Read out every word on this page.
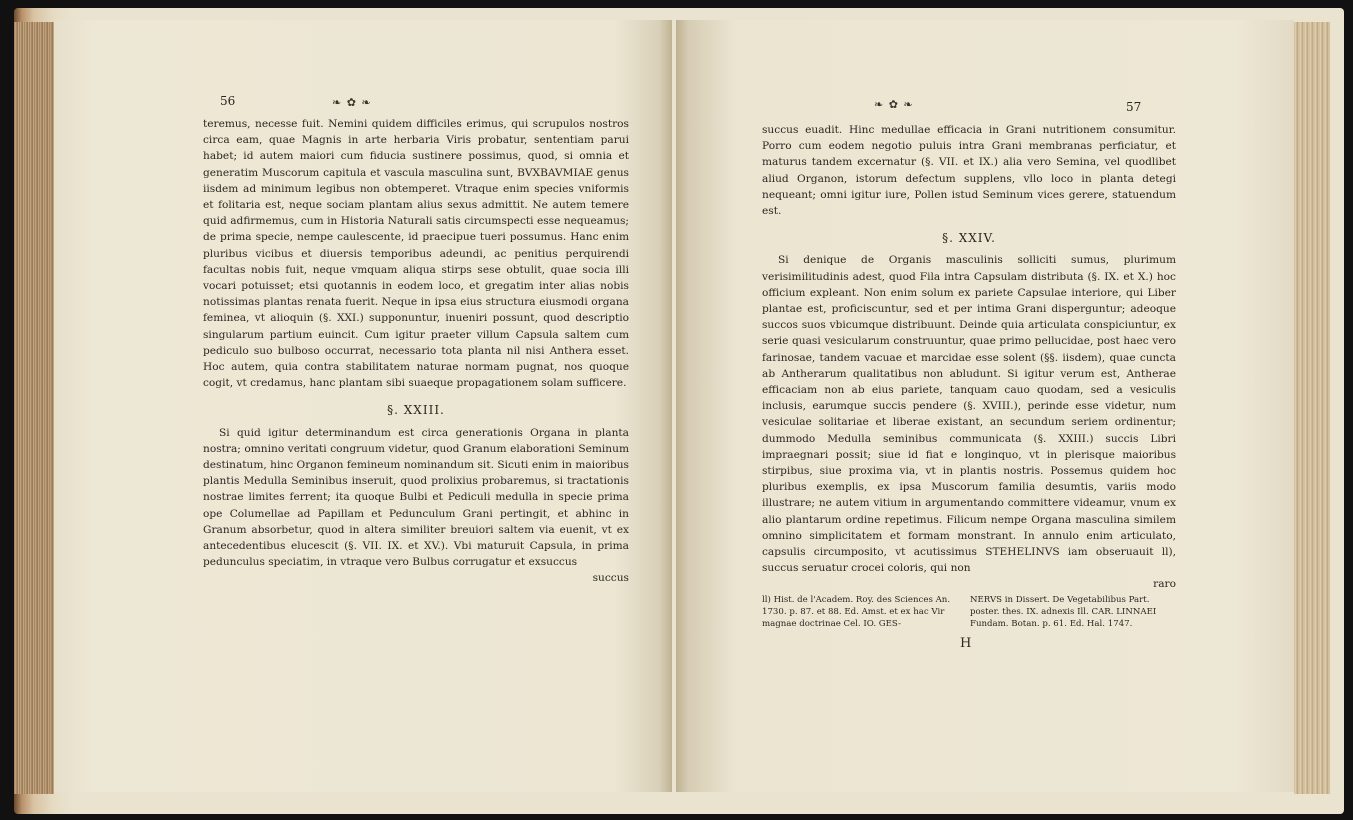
56	❧ ✿ ❧

teremus, necesse fuit. Nemini quidem difficiles erimus, qui scrupulos nostros circa eam, quae Magnis in arte herbaria Viris probatur, sententiam parui habet; id autem maiori cum fiducia sustinere possimus, quod, si omnia et generatim Muscorum capitula et vascula masculina sunt, BVXBAVMIAE genus iisdem ad minimum legibus non obtemperet. Vtraque enim species vniformis et folitaria est, neque sociam plantam alius sexus admittit. Ne autem temere quid adfirmemus, cum in Historia Naturali satis circumspecti esse nequeamus; de prima specie, nempe caulescente, id praecipue tueri possumus. Hanc enim pluribus vicibus et diuersis temporibus adeundi, ac penitius perquirendi facultas nobis fuit, neque vmquam aliqua stirps sese obtulit, quae socia illi vocari potuisset; etsi quotannis in eodem loco, et gregatim inter alias nobis notissimas plantas renata fuerit. Neque in ipsa eius structura eiusmodi organa feminea, vt alioquin (§. XXI.) supponuntur, inueniri possunt, quod descriptio singularum partium euincit. Cum igitur praeter villum Capsula saltem cum pediculo suo bulboso occurrat, necessario tota planta nil nisi Anthera esset. Hoc autem, quia contra stabilitatem naturae normam pugnat, nos quoque cogit, vt credamus, hanc plantam sibi suaeque propagationem solam sufficere.

§. XXIII.

Si quid igitur determinandum est circa generationis Organa in planta nostra; omnino veritati congruum videtur, quod Granum elaborationi Seminum destinatum, hinc Organon femineum nominandum sit. Sicuti enim in maioribus plantis Medulla Seminibus inseruit, quod prolixius probaremus, si tractationis nostrae limites ferrent; ita quoque Bulbi et Pediculi medulla in specie prima ope Columellae ad Papillam et Pedunculum Grani pertingit, et abhinc in Granum absorbetur, quod in altera similiter breuiori saltem via euenit, vt ex antecedentibus elucescit (§. VII. IX. et XV.). Vbi maturuit Capsula, in prima pedunculus speciatim, in vtraque vero Bulbus corrugatur et exsuccus

succus
❧ ✿ ❧	57

succus euadit. Hinc medullae efficacia in Grani nutritionem consumitur. Porro cum eodem negotio puluis intra Grani membranas perficiatur, et maturus tandem excernatur (§. VII. et IX.) alia vero Semina, vel quodlibet aliud Organon, istorum defectum supplens, vllo loco in planta detegi nequeant; omni igitur iure, Pollen istud Seminum vices gerere, statuendum est.

§. XXIV.

Si denique de Organis masculinis solliciti sumus, plurimum verisimilitudinis adest, quod Fila intra Capsulam distributa (§. IX. et X.) hoc officium expleant. Non enim solum ex pariete Capsulae interiore, qui Liber plantae est, proficiscuntur, sed et per intima Grani disperguntur; adeoque succos suos vbicumque distribuunt. Deinde quia articulata conspiciuntur, ex serie quasi vesicularum construuntur, quae primo pellucidae, post haec vero farinosae, tandem vacuae et marcidae esse solent (§§. iisdem), quae cuncta ab Antherarum qualitatibus non abludunt. Si igitur verum est, Antherae efficaciam non ab eius pariete, tanquam cauo quodam, sed a vesiculis inclusis, earumque succis pendere (§. XVIII.), perinde esse videtur, num vesiculae solitariae et liberae existant, an secundum seriem ordinentur; dummodo Medulla seminibus communicata (§. XXIII.) succis Libri impraegnari possit; siue id fiat e longinquo, vt in plerisque maioribus stirpibus, siue proxima via, vt in plantis nostris. Possemus quidem hoc pluribus exemplis, ex ipsa Muscorum familia desumtis, variis modo illustrare; ne autem vitium in argumentando committere videamur, vnum ex alio plantarum ordine repetimus. Filicum nempe Organa masculina similem omnino simplicitatem et formam monstrant. In annulo enim articulato, capsulis circumposito, vt acutissimus STEHELINVS iam obseruauit ll), succus seruatur crocei coloris, qui non

raro
ll) Hist. de l'Academ. Roy. des Sciences An. 1730. p. 87. et 88. Ed. Amst. et ex hac Vir magnae doctrinae Cel. IO. GES-
NERVS in Dissert. De Vegetabilibus Part. poster. thes. IX. adnexis Ill. CAR. LINNAEI Fundam. Botan. p. 61. Ed. Hal. 1747.
H
